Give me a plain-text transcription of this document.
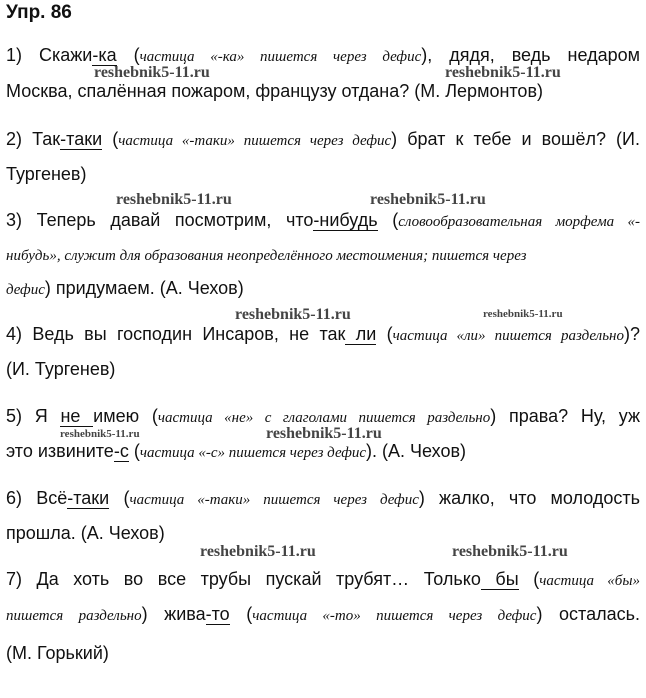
Упр. 86
1) Скажи-ка (частица «-ка» пишется через дефис), дядя, ведь недаром
Москва, спалённая пожаром, французу отдана? (М. Лермонтов)
2) Так-таки (частица «-таки» пишется через дефис) брат к тебе и вошёл? (И.
Тургенев)
3) Теперь давай посмотрим, что-нибудь (словообразовательная морфема «-
нибудь», служит для образования неопределённого местоимения; пишется через
дефис) придумаем. (А. Чехов)
4) Ведь вы господин Инсаров, не так ли (частица «ли» пишется раздельно)?
(И. Тургенев)
5) Я не имею (частица «не» с глаголами пишется раздельно) права? Ну, уж
это извините-с (частица «-с» пишется через дефис). (А. Чехов)
6) Всё-таки (частица «-таки» пишется через дефис) жалко, что молодость
прошла. (А. Чехов)
7) Да хоть во все трубы пускай трубят… Только бы (частица «бы»
пишется раздельно) жива-то (частица «-то» пишется через дефис) осталась.
(М. Горький)
reshebnik5-11.ru	reshebnik5-11.ru
reshebnik5-11.ru	reshebnik5-11.ru
reshebnik5-11.ru	reshebnik5-11.ru
reshebnik5-11.ru	reshebnik5-11.ru
reshebnik5-11.ru	reshebnik5-11.ru
